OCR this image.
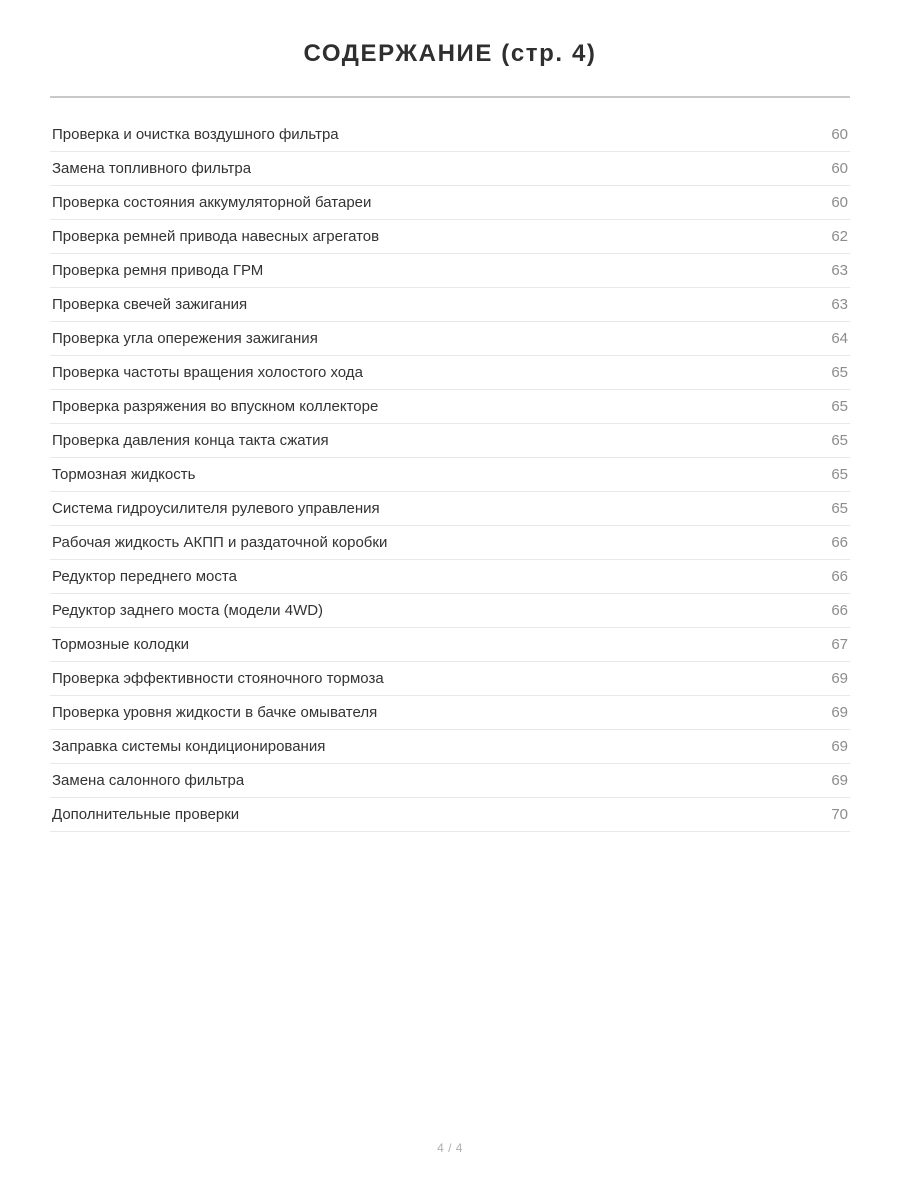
СОДЕРЖАНИЕ (стр. 4)
Проверка и очистка воздушного фильтра	60
Замена топливного фильтра	60
Проверка состояния аккумуляторной батареи	60
Проверка ремней привода навесных агрегатов	62
Проверка ремня привода ГРМ	63
Проверка свечей зажигания	63
Проверка угла опережения зажигания	64
Проверка частоты вращения холостого хода	65
Проверка разряжения во впускном коллекторе	65
Проверка давления конца такта сжатия	65
Тормозная жидкость	65
Система гидроусилителя рулевого управления	65
Рабочая жидкость АКПП и раздаточной коробки	66
Редуктор переднего моста	66
Редуктор заднего моста (модели 4WD)	66
Тормозные колодки	67
Проверка эффективности стояночного тормоза	69
Проверка уровня жидкости в бачке омывателя	69
Заправка системы кондиционирования	69
Замена салонного фильтра	69
Дополнительные проверки	70
4 / 4
